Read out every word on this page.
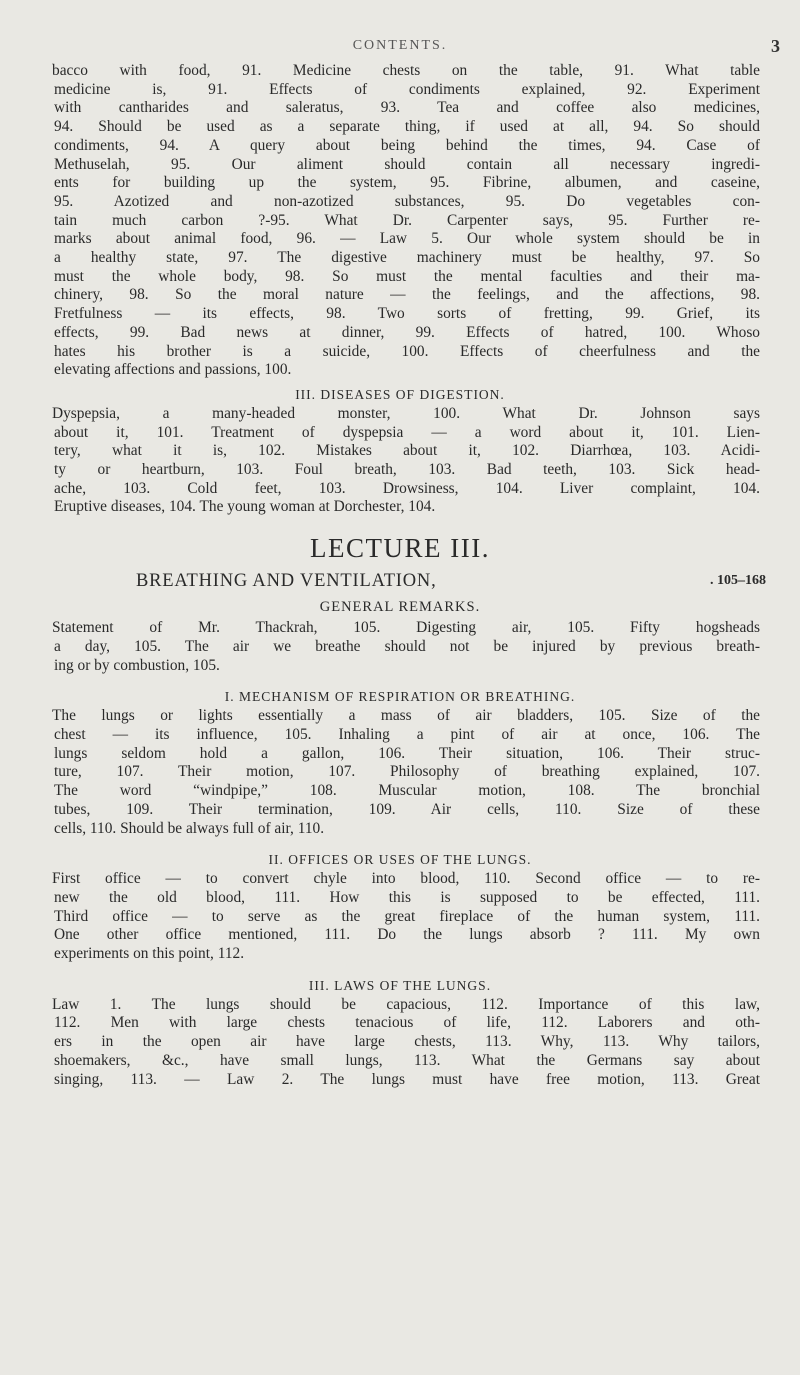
CONTENTS.	3
bacco with food, 91. Medicine chests on the table, 91. What table
medicine is, 91. Effects of condiments explained, 92. Experiment
with cantharides and saleratus, 93. Tea and coffee also medicines,
94. Should be used as a separate thing, if used at all, 94. So should
condiments, 94. A query about being behind the times, 94. Case of
Methuselah, 95. Our aliment should contain all necessary ingredi-
ents for building up the system, 95. Fibrine, albumen, and caseine,
95. Azotized and non-azotized substances, 95. Do vegetables con-
tain much carbon ?-95. What Dr. Carpenter says, 95. Further re-
marks about animal food, 96. — Law 5. Our whole system should be in
a healthy state, 97. The digestive machinery must be healthy, 97. So
must the whole body, 98. So must the mental faculties and their ma-
chinery, 98. So the moral nature — the feelings, and the affections, 98.
Fretfulness — its effects, 98. Two sorts of fretting, 99. Grief, its
effects, 99. Bad news at dinner, 99. Effects of hatred, 100. Whoso
hates his brother is a suicide, 100. Effects of cheerfulness and the
elevating affections and passions, 100.
III. DISEASES OF DIGESTION.
Dyspepsia, a many-headed monster, 100. What Dr. Johnson says
about it, 101. Treatment of dyspepsia — a word about it, 101. Lien-
tery, what it is, 102. Mistakes about it, 102. Diarrhœa, 103. Acidi-
ty or heartburn, 103. Foul breath, 103. Bad teeth, 103. Sick head-
ache, 103. Cold feet, 103. Drowsiness, 104. Liver complaint, 104.
Eruptive diseases, 104. The young woman at Dorchester, 104.
LECTURE III.
BREATHING AND VENTILATION,	. 105–168
GENERAL REMARKS.
Statement of Mr. Thackrah, 105. Digesting air, 105. Fifty hogsheads
a day, 105. The air we breathe should not be injured by previous breath-
ing or by combustion, 105.
I. MECHANISM OF RESPIRATION OR BREATHING.
The lungs or lights essentially a mass of air bladders, 105. Size of the
chest — its influence, 105. Inhaling a pint of air at once, 106. The
lungs seldom hold a gallon, 106. Their situation, 106. Their struc-
ture, 107. Their motion, 107. Philosophy of breathing explained, 107.
The word “windpipe,” 108. Muscular motion, 108. The bronchial
tubes, 109. Their termination, 109. Air cells, 110. Size of these
cells, 110. Should be always full of air, 110.
II. OFFICES OR USES OF THE LUNGS.
First office — to convert chyle into blood, 110. Second office — to re-
new the old blood, 111. How this is supposed to be effected, 111.
Third office — to serve as the great fireplace of the human system, 111.
One other office mentioned, 111. Do the lungs absorb ? 111. My own
experiments on this point, 112.
III. LAWS OF THE LUNGS.
Law 1. The lungs should be capacious, 112. Importance of this law,
112. Men with large chests tenacious of life, 112. Laborers and oth-
ers in the open air have large chests, 113. Why, 113. Why tailors,
shoemakers, &c., have small lungs, 113. What the Germans say about
singing, 113. — Law 2. The lungs must have free motion, 113. Great
